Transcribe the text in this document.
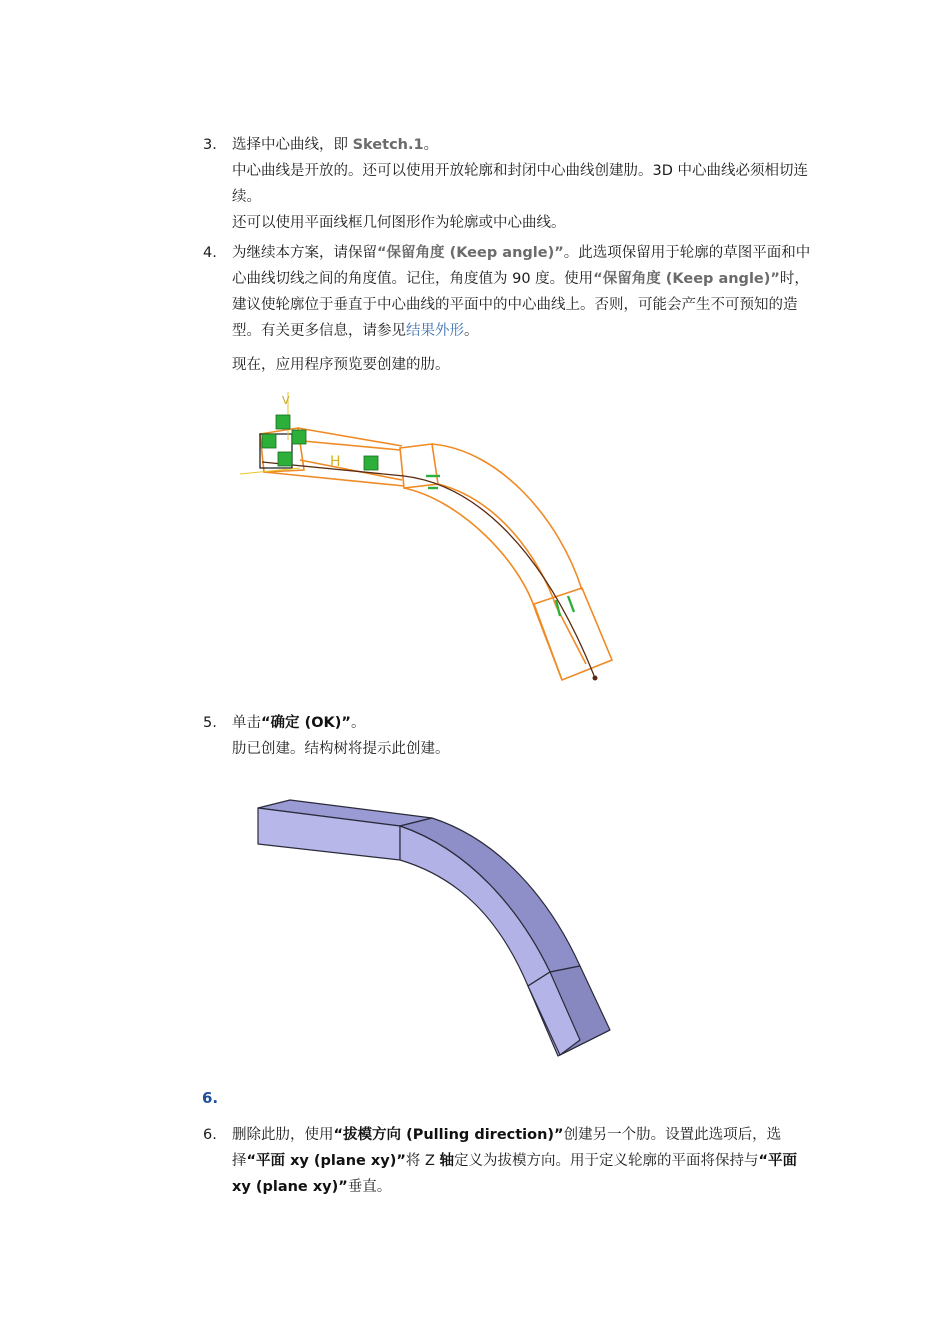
3.	选择中心曲线，即 Sketch.1。

中心曲线是开放的。还可以使用开放轮廓和封闭中心曲线创建肋。3D 中心曲线必须相切连续。

还可以使用平面线框几何图形作为轮廓或中心曲线。

4.	为继续本方案，请保留“保留角度 (Keep angle)”。此选项保留用于轮廓的草图平面和中心曲线切线之间的角度值。记住，角度值为 90 度。使用“保留角度 (Keep angle)”时，建议使轮廓位于垂直于中心曲线的平面中的中心曲线上。否则，可能会产生不可预知的造型。有关更多信息，请参见结果外形。

现在，应用程序预览要创建的肋。

V
H
5.	单击“确定 (OK)”。

肋已创建。结构树将提示此创建。

6.
6.	删除此肋，使用“拔模方向 (Pulling direction)”创建另一个肋。设置此选项后，选择“平面 xy (plane xy)”将 Z 轴定义为拔模方向。用于定义轮廓的平面将保持与“平面 xy (plane xy)”垂直。
